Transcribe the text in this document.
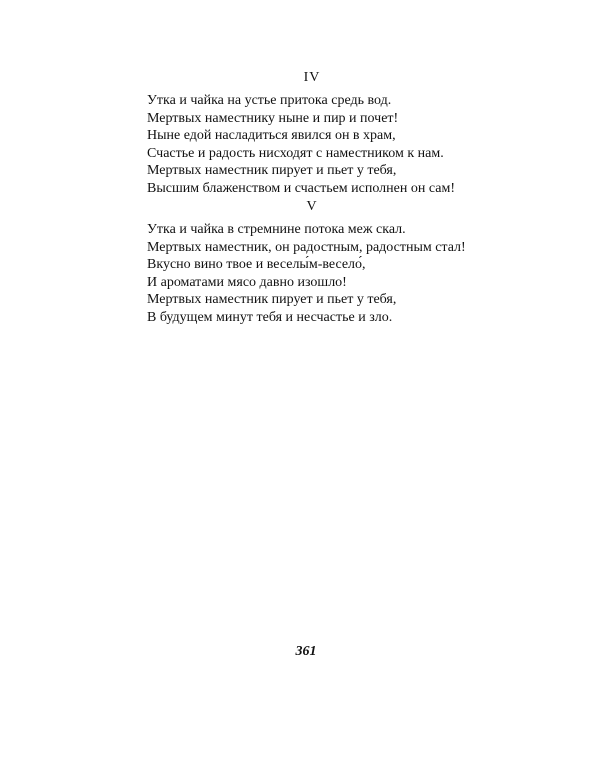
IV
Утка и чайка на устье притока средь вод.
Мертвых наместнику ныне и пир и почет!
Ныне едой насладиться явился он в храм,
Счастье и радость нисходят с наместником к нам.
Мертвых наместник пирует и пьет у тебя,
Высшим блаженством и счастьем исполнен он сам!
V
Утка и чайка в стремнине потока меж скал.
Мертвых наместник, он радостным, радостным стал!
Вкусно вино твое и веселы́м-весело́,
И ароматами мясо давно изошло!
Мертвых наместник пирует и пьет у тебя,
В будущем минут тебя и несчастье и зло.
361
